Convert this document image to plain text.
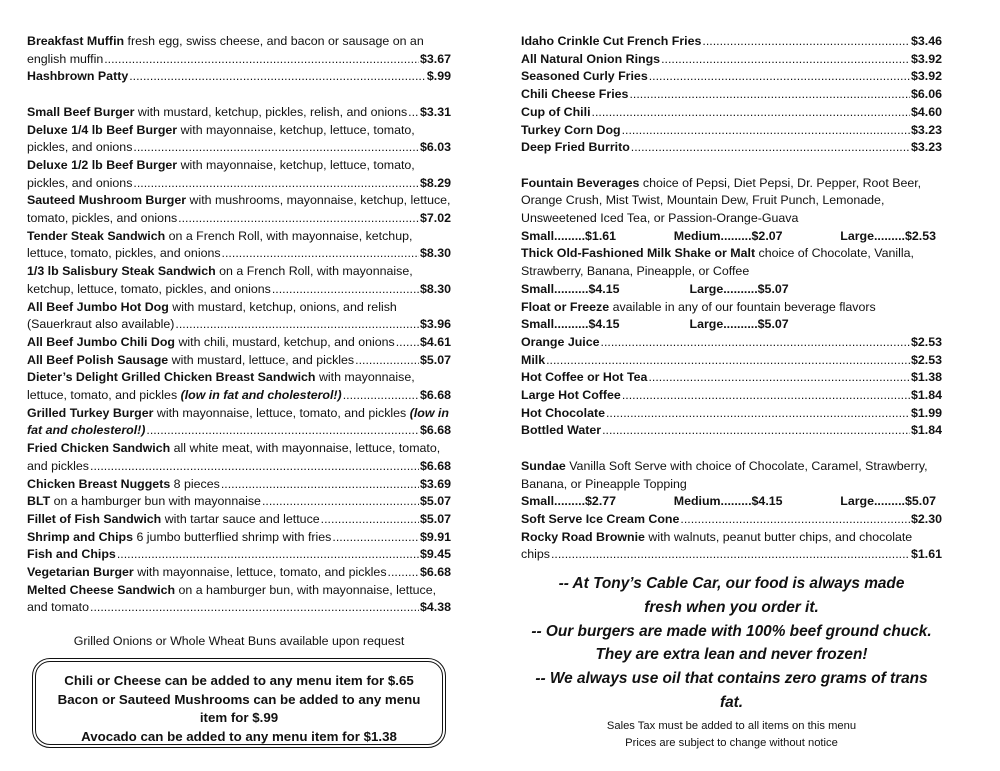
Breakfast Muffin fresh egg, swiss cheese, and bacon or sausage on an
english muffin .....	$3.67
Hashbrown Patty .....	$.99
Small Beef Burger with mustard, ketchup, pickles, relish, and onions ..... $3.31
Deluxe 1/4 lb Beef Burger with mayonnaise, ketchup, lettuce, tomato,
pickles, and onions .....	$6.03
Deluxe 1/2 lb Beef Burger with mayonnaise, ketchup, lettuce, tomato,
pickles, and onions .....	$8.29
Sauteed Mushroom Burger with mushrooms, mayonnaise, ketchup, lettuce,
tomato, pickles, and onions .....	$7.02
Tender Steak Sandwich on a French Roll, with mayonnaise, ketchup,
lettuce, tomato, pickles, and onions .....	$8.30
1/3 lb Salisbury Steak Sandwich on a French Roll, with mayonnaise,
ketchup, lettuce, tomato, pickles, and onions .....	$8.30
All Beef Jumbo Hot Dog with mustard, ketchup, onions, and relish
(Sauerkraut also available) .....	$3.96
All Beef Jumbo Chili Dog with chili, mustard, ketchup, and onions ..... $4.61
All Beef Polish Sausage with mustard, lettuce, and pickles .....	$5.07
Dieter’s Delight Grilled Chicken Breast Sandwich with mayonnaise,
lettuce, tomato, and pickles (low in fat and cholesterol!) .....	$6.68
Grilled Turkey Burger with mayonnaise, lettuce, tomato, and pickles (low in
fat and cholesterol!) .....	$6.68
Fried Chicken Sandwich all white meat, with mayonnaise, lettuce, tomato,
and pickles .....	$6.68
Chicken Breast Nuggets 8 pieces .....	$3.69
BLT on a hamburger bun with mayonnaise .....	$5.07
Fillet of Fish Sandwich with tartar sauce and lettuce .....	$5.07
Shrimp and Chips 6 jumbo butterflied shrimp with fries .....	$9.91
Fish and Chips .....	$9.45
Vegetarian Burger with mayonnaise, lettuce, tomato, and pickles .....	$6.68
Melted Cheese Sandwich on a hamburger bun, with mayonnaise, lettuce,
and tomato .....	$4.38
Grilled Onions or Whole Wheat Buns available upon request
Chili or Cheese can be added to any menu item for $.65
Bacon or Sauteed Mushrooms can be added to any menu
item for $.99
Avocado can be added to any menu item for $1.38
Idaho Crinkle Cut French Fries .....	$3.46
All Natural Onion Rings .....	$3.92
Seasoned Curly Fries .....	$3.92
Chili Cheese Fries .....	$6.06
Cup of Chili .....	$4.60
Turkey Corn Dog .....	$3.23
Deep Fried Burrito .....	$3.23
Fountain Beverages choice of Pepsi, Diet Pepsi, Dr. Pepper, Root Beer,
Orange Crush, Mist Twist, Mountain Dew, Fruit Punch, Lemonade,
Unsweetened Iced Tea, or Passion-Orange-Guava
Small.........$1.61	Medium.........$2.07	Large.........$2.53
Thick Old-Fashioned Milk Shake or Malt choice of Chocolate, Vanilla,
Strawberry, Banana, Pineapple, or Coffee
Small..........$4.15	Large..........$5.07
Float or Freeze available in any of our fountain beverage flavors
Small..........$4.15	Large..........$5.07
Orange Juice .....	$2.53
Milk .....	$2.53
Hot Coffee or Hot Tea .....	$1.38
Large Hot Coffee .....	$1.84
Hot Chocolate .....	$1.99
Bottled Water .....	$1.84
Sundae Vanilla Soft Serve with choice of Chocolate, Caramel, Strawberry,
Banana, or Pineapple Topping
Small.........$2.77	Medium.........$4.15	Large.........$5.07
Soft Serve Ice Cream Cone .....	$2.30
Rocky Road Brownie with walnuts, peanut butter chips, and chocolate
chips .....	$1.61
-- At Tony’s Cable Car, our food is always made
fresh when you order it.
-- Our burgers are made with 100% beef ground chuck.
They are extra lean and never frozen!
-- We always use oil that contains zero grams of trans
fat.
Sales Tax must be added to all items on this menu
Prices are subject to change without notice
